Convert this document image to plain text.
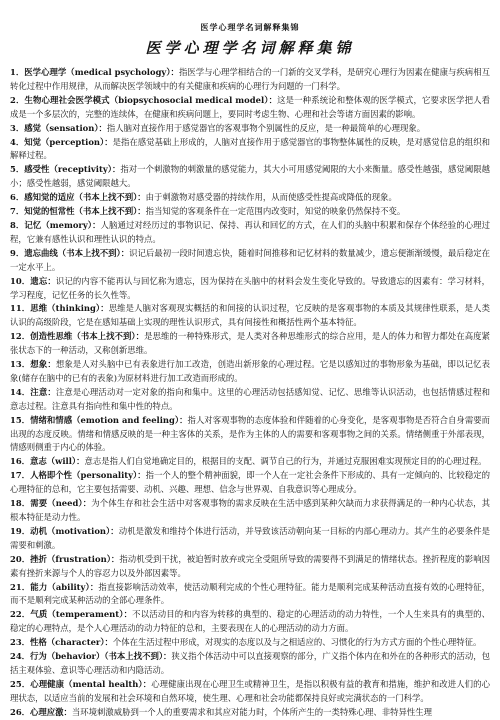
医学心理学名词解释集锦
医学心理学名词解释集锦

1．医学心理学（medical psychology）：指医学与心理学相结合的一门新的交叉学科，是研究心理行为因素在健康与疾病相互转化过程中作用规律，从而解决医学领域中的有关健康和疾病的心理行为问题的一门科学。

2．生物心理社会医学模式（biopsychosocial medical model）：这是一种系统论和整体观的医学模式，它要求医学把人看成是一个多层次的，完整的连续体，在健康和疾病问题上，要同时考虑生物、心理和社会等诸方面因素的影响。

3．感觉（sensation）：指人脑对直接作用于感觉器官的客观事物个别属性的反应，是一种最简单的心理现象。

4．知觉（perception）：是指在感觉基础上形成的，人脑对直接作用于感觉器官的事物整体属性的反映，是对感觉信息的组织和解释过程。

5．感受性（receptivity）：指对一个刺激物的刺激量的感觉能力，其大小可用感觉阈限的大小来衡量。感受性越强，感觉阈限越小；感受性越弱，感觉阈限越大。

6．感知觉的适应（书本上找不到）：由于刺激物对感受器的持续作用，从而使感受性提高或降低的现象。

7．知觉的恒常性（书本上找不到）：指当知觉的客观条件在一定范围内改变时，知觉的映象仍然保持不变。

8．记忆（memory）：人脑通过对经历过的事物识记、保持、再认和回忆的方式，在人们的头脑中积累和保存个体经验的心理过程，它兼有感性认识和理性认识的特点。

9．遗忘曲线（书本上找不到）：识记后最初一段时间遗忘快，随着时间推移和记忆材料的数量减少，遗忘便渐渐缓慢，最后稳定在一定水平上。

10．遗忘：识记的内容不能再认与回忆称为遗忘，因为保持在头脑中的材料会发生变化导致的。导致遗忘的因素有：学习材料，学习程度，记忆任务的长久性等。

11．思维（thinking）：思维是人脑对客观现实概括的和间接的认识过程，它反映的是客观事物的本质及其规律性联系，是人类认识的高级阶段，它是在感知基础上实现的理性认识形式，具有间接性和概括性两个基本特征。

12．创造性思维（书本上找不到）：是思维的一种特殊形式，是人类对各种思维形式的综合应用，是人的体力和智力都处在高度紧张状态下的一种活动，又称创新思维。

13．想象：想象是人对头脑中已有表象进行加工改造，创造出新形象的心理过程。它是以感知过的事物形象为基础，即以记忆表象(储存在脑中的已有的表象)为原材料进行加工改造而形成的。

14．注意：注意是心理活动对一定对象的指向和集中。这里的心理活动包括感知觉、记忆、思维等认识活动，也包括情感过程和意志过程。注意具有指向性和集中性的特点。

15．情绪和情感（emotion and feeling）：指人对客观事物的态度体验和伴随着的心身变化，是客观事物是否符合自身需要而出现的态度反映。情绪和情感反映的是一种主客体的关系，是作为主体的人的需要和客观事物之间的关系。情绪侧重于外部表现，情感则侧重于内心的体验。

16．意志（will）：意志是指人们自觉地确定目的，根据目的支配、调节自己的行为，并通过克服困难实现预定目的的心理过程。

17．人格即个性（personality）：指一个人的整个精神面貌，即一个人在一定社会条件下形成的、具有一定倾向的、比较稳定的心理特征的总和，它主要包括需要、动机、兴趣、理想、信念与世界观、自我意识等心理成分。

18．需要（need）：为个体生存和社会生活中对客观事物的需求反映在生活中感到某种欠缺而力求获得满足的一种内心状态，其根本特征是动力性。

19．动机（motivation）：动机是激发和维持个体进行活动，并导致该活动朝向某一目标的内部心理动力。其产生的必要条件是需要和刺激。

20．挫折（frustration）：指动机受到干扰，被迫暂时放弃或完全受阻所导致的需要得不到满足的情绪状态。挫折程度的影响因素有挫折来源与个人的容忍力以及外部因素等。

21．能力（ability）：指直接影响活动效率，使活动顺利完成的个性心理特征。能力是顺利完成某种活动直接有效的心理特征，而不是顺利完成某种活动的全部心理条件。

22．气质（temperament）：不以活动目的和内容为转移的典型的、稳定的心理活动的动力特性，一个人生来具有的典型的、稳定的心理特点，是个人心理活动的动力特征的总和，主要表现在人的心理活动的动力方面。

23．性格（character）：个体在生活过程中形成，对现实的态度以及与之相适应的、习惯化的行为方式方面的个性心理特征。

24．行为（behavior）（书本上找不到）：狭义指个体活动中可以直接观察的部分，广义指个体内在和外在的各种形式的活动，包括主观体验、意识等心理活动和内隐活动。

25．心理健康（mental health）：心理健康出现在心理卫生或精神卫生，是指以积极有益的教育和措施，维护和改进人们的心理状态，以适应当前的发展和社会环境和自然环境，使生理、心理和社会功能都保持良好或完满状态的一门科学。

26．心理应激：当环境刺激威胁到一个人的重要需求和其应对能力时，个体所产生的一类特殊心理、非特异性生理
